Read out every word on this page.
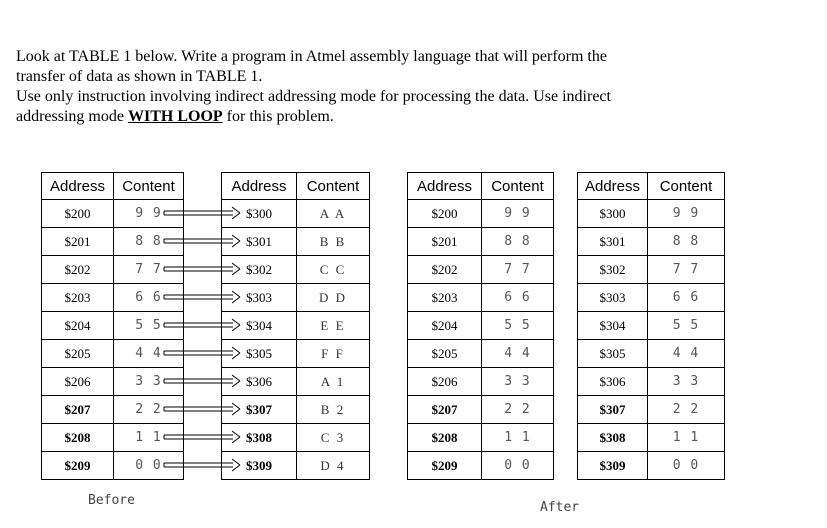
Look at TABLE 1 below. Write a program in Atmel assembly language that will perform the

transfer of data as shown in TABLE 1.

Use only instruction involving indirect addressing mode for processing the data. Use indirect

addressing mode WITH LOOP for this problem.

Address	Content
$200	9 9
$201	8 8
$202	7 7
$203	6 6
$204	5 5
$205	4 4
$206	3 3
$207	2 2
$208	1 1
$209	0 0
Address	Content
$300	A A
$301	B B
$302	C C
$303	D D
$304	E E
$305	F F
$306	A 1
$307	B 2
$308	C 3
$309	D 4
Address	Content
$200	9 9
$201	8 8
$202	7 7
$203	6 6
$204	5 5
$205	4 4
$206	3 3
$207	2 2
$208	1 1
$209	0 0
Address	Content
$300	9 9
$301	8 8
$302	7 7
$303	6 6
$304	5 5
$305	4 4
$306	3 3
$307	2 2
$308	1 1
$309	0 0
Before	After
